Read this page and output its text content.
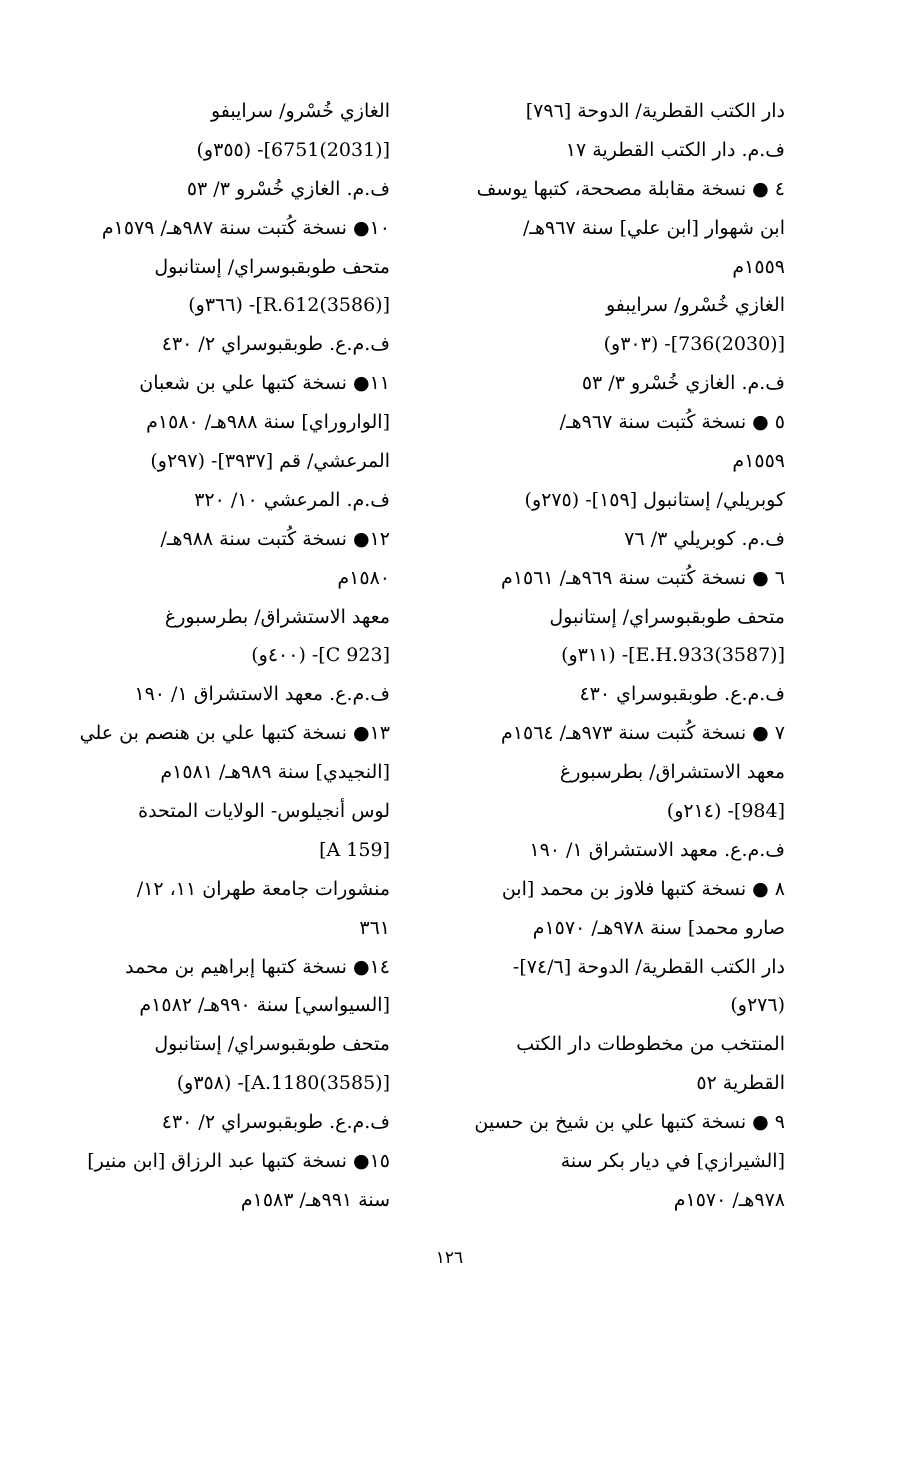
دار الكتب القطرية/ الدوحة [٧٩٦]
ف.م. دار الكتب القطرية ١٧
٤ ● نسخة مقابلة مصححة، كتبها يوسف
ابن شهوار [ابن علي] سنة ٩٦٧هـ/
١٥٥٩م
الغازي خُسْرو/ سرايبفو
[(2030)736]- (٣٠٣و)
ف.م. الغازي خُسْرو ٣/ ٥٣
٥ ● نسخة كُتبت سنة ٩٦٧هـ/
١٥٥٩م
كوبريلي/ إستانبول [١٥٩]- (٢٧٥و)
ف.م. كوبريلي ٣/ ٧٦
٦ ● نسخة كُتبت سنة ٩٦٩هـ/ ١٥٦١م
متحف طوبقبوسراي/ إستانبول
[(3587)E.H.933]- (٣١١و)
ف.م.ع. طوبقبوسراي ٤٣٠
٧ ● نسخة كُتبت سنة ٩٧٣هـ/ ١٥٦٤م
معهد الاستشراق/ بطرسبورغ
[984]- (٢١٤و)
ف.م.ع. معهد الاستشراق ١/ ١٩٠
٨ ● نسخة كتبها فلاوز بن محمد [ابن
صارو محمد] سنة ٩٧٨هـ/ ١٥٧٠م
دار الكتب القطرية/ الدوحة [٧٤/٦]-
(٢٧٦و)
المنتخب من مخطوطات دار الكتب
القطرية ٥٢
٩ ● نسخة كتبها علي بن شيخ بن حسين
[الشيرازي] في ديار بكر سنة
٩٧٨هـ/ ١٥٧٠م
الغازي خُسْرو/ سرايبفو
[(2031)6751]- (٣٥٥و)
ف.م. الغازي خُسْرو ٣/ ٥٣
١٠● نسخة كُتبت سنة ٩٨٧هـ/ ١٥٧٩م
متحف طوبقبوسراي/ إستانبول
[(3586)R.612]- (٣٦٦و)
ف.م.ع. طوبقبوسراي ٢/ ٤٣٠
١١● نسخة كتبها علي بن شعبان
[الواروراي] سنة ٩٨٨هـ/ ١٥٨٠م
المرعشي/ قم [٣٩٣٧]- (٢٩٧و)
ف.م. المرعشي ١٠/ ٣٢٠
١٢● نسخة كُتبت سنة ٩٨٨هـ/
١٥٨٠م
معهد الاستشراق/ بطرسبورغ
[C 923]- (٤٠٠و)
ف.م.ع. معهد الاستشراق ١/ ١٩٠
١٣● نسخة كتبها علي بن هنصم بن علي
[النجيدي] سنة ٩٨٩هـ/ ١٥٨١م
لوس أنجيلوس- الولايات المتحدة
[A 159]
منشورات جامعة طهران ١١، ١٢/
٣٦١
١٤● نسخة كتبها إبراهيم بن محمد
[السيواسي] سنة ٩٩٠هـ/ ١٥٨٢م
متحف طوبقبوسراي/ إستانبول
[(3585)A.1180]- (٣٥٨و)
ف.م.ع. طوبقبوسراي ٢/ ٤٣٠
١٥● نسخة كتبها عبد الرزاق [ابن منير]
سنة ٩٩١هـ/ ١٥٨٣م
١٢٦
